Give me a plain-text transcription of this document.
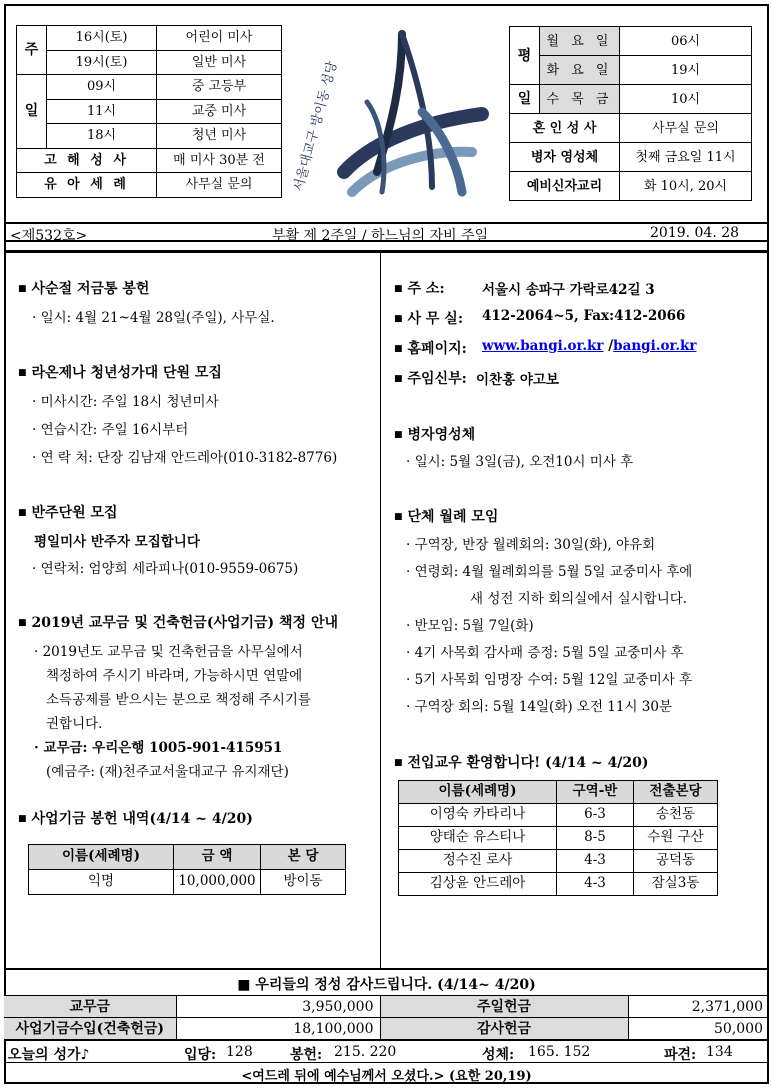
주	16시(토)	어린이 미사
	19시(토)	일반 미사
일	09시	중 고등부
	11시	교중 미사
	18시	청년 미사
고 해 성 사		매 미사 30분 전
유 아 세 례		사무실 문의	서울대교구 방이동 성당
평	월 요 일	06시
	화 요 일	19시
일	수 목 금	10시
혼 인 성 사		사무실 문의
병자 영성체		첫째 금요일 11시
예비신자교리		화 10시, 20시
<제532호>	부활 제 2주일 / 하느님의 자비 주일	2019. 04. 28
■ 사순절 저금통 봉헌
· 일시: 4월 21~4월 28일(주일), 사무실.
■ 라온제나 청년성가대 단원 모집
· 미사시간: 주일 18시 청년미사
· 연습시간: 주일 16시부터
· 연 락 처: 단장 김남재 안드레아(010-3182-8776)
■ 반주단원 모집
평일미사 반주자 모집합니다
· 연락처: 엄양희 세라피나(010-9559-0675)
■ 2019년 교무금 및 건축헌금(사업기금) 책정 안내
· 2019년도 교무금 및 건축헌금을 사무실에서
책정하여 주시기 바라며, 가능하시면 연말에
소득공제를 받으시는 분으로 책정해 주시기를
권합니다.
· 교무금: 우리은행 1005-901-415951
(예금주: (재)천주교서울대교구 유지재단)
■ 사업기금 봉헌 내역(4/14 ~ 4/20)
이름(세례명)	금 액	본 당
익명	10,000,000	방이동
■ 주 소:	서울시 송파구 가락로42길 3
■ 사 무 실: 412-2064~5, Fax:412-2066
■ 홈페이지: www.bangi.or.kr /bangi.or.kr
■ 주임신부: 이찬홍 야고보
■ 병자영성체
· 일시: 5월 3일(금), 오전10시 미사 후
■ 단체 월례 모임
· 구역장, 반장 월례회의: 30일(화), 야유회
· 연령회: 4월 월례회의를 5월 5일 교중미사 후에
새 성전 지하 회의실에서 실시합니다.
· 반모임: 5월 7일(화)
· 4기 사목회 감사패 증정: 5월 5일 교중미사 후
· 5기 사목회 임명장 수여: 5월 12일 교중미사 후
· 구역장 회의: 5월 14일(화) 오전 11시 30분
■ 전입교우 환영합니다! (4/14 ~ 4/20)
이름(세례명)	구역-반	전출본당
이영숙 카타리나	6-3	송천동
양태순 유스티나	8-5	수원 구산
정수진 로사	4-3	공덕동
김상윤 안드레아	4-3	잠실3동
■ 우리들의 정성 감사드립니다. (4/14~ 4/20)
교무금	3,950,000	주일헌금	2,371,000
사업기금수입(건축헌금)	18,100,000	감사헌금	50,000
오늘의 성가♪	입당: 128	봉헌: 215. 220	성체: 165. 152	파견: 134
<여드레 뒤에 예수님께서 오셨다.> (요한 20,19)
